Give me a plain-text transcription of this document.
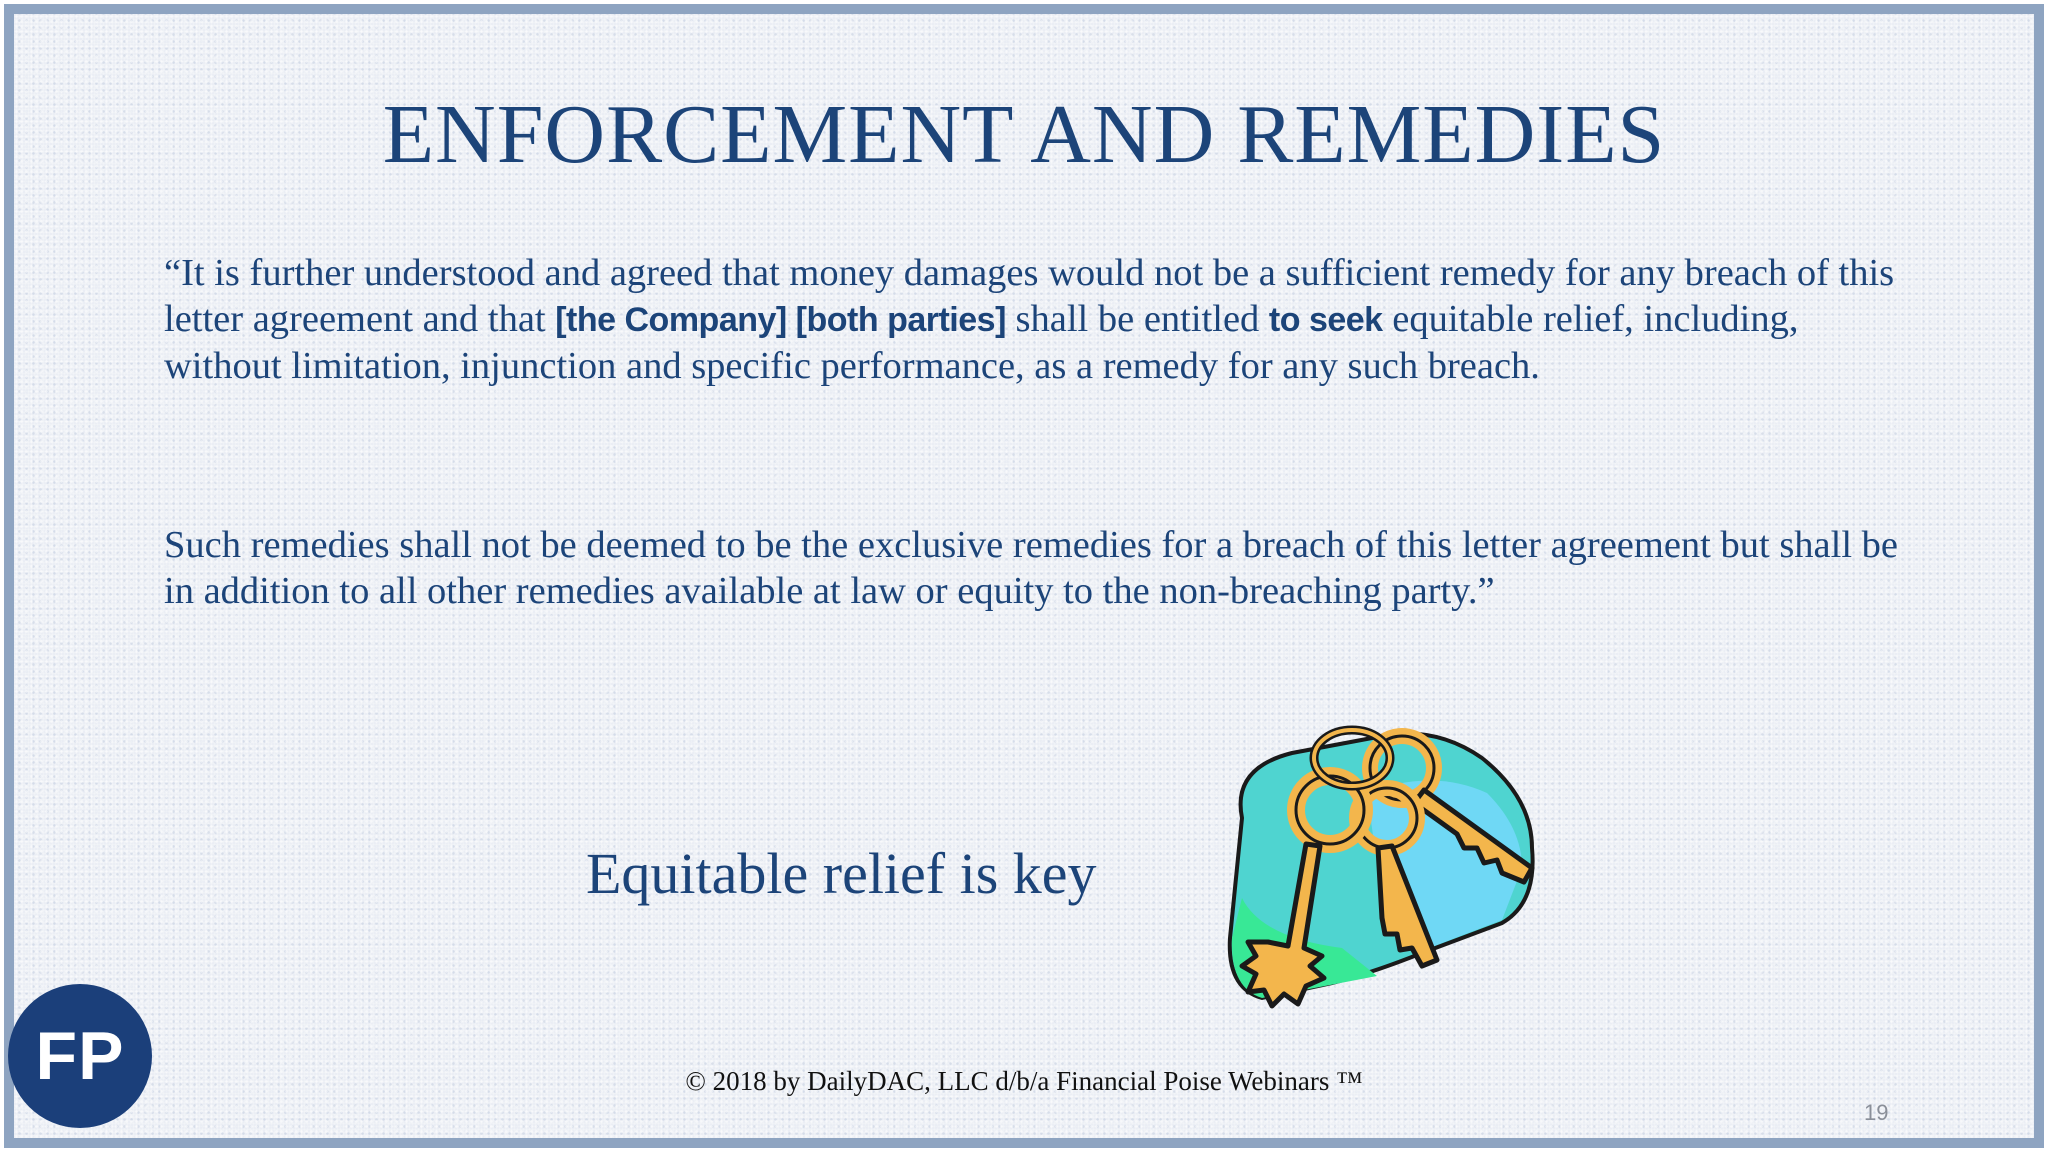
ENFORCEMENT AND REMEDIES

“It is further understood and agreed that money damages would not be a sufficient remedy for any breach of this letter agreement and that [the Company] [both parties] shall be entitled to seek equitable relief, including, without limitation, injunction and specific performance, as a remedy for any such breach.

Such remedies shall not be deemed to be the exclusive remedies for a breach of this letter agreement but shall be in addition to all other remedies available at law or equity to the non-breaching party.”

Equitable relief is key

© 2018 by DailyDAC, LLC d/b/a Financial Poise Webinars ™

19
FP
